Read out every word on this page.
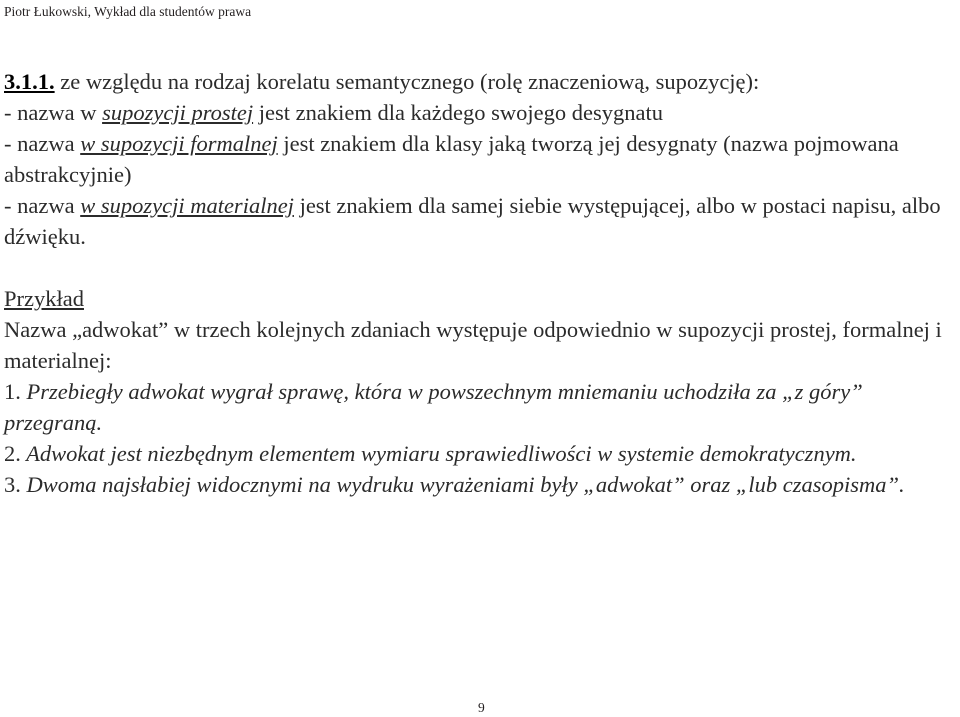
Piotr Łukowski, Wykład dla studentów prawa

3.1.1. ze względu na rodzaj korelatu semantycznego (rolę znaczeniową, supozycję):

- nazwa w supozycji prostej jest znakiem dla każdego swojego desygnatu

- nazwa w supozycji formalnej jest znakiem dla klasy jaką tworzą jej desygnaty (nazwa pojmowana abstrakcyjnie)

- nazwa w supozycji materialnej jest znakiem dla samej siebie występującej, albo w postaci napisu, albo dźwięku.

Przykład

Nazwa „adwokat” w trzech kolejnych zdaniach występuje odpowiednio w supozycji prostej, formalnej i materialnej:

1. Przebiegły adwokat wygrał sprawę, która w powszechnym mniemaniu uchodziła za „z góry” przegraną.

2. Adwokat jest niezbędnym elementem wymiaru sprawiedliwości w systemie demokratycznym.

3. Dwoma najsłabiej widocznymi na wydruku wyrażeniami były „adwokat” oraz „lub czasopisma”.

9
